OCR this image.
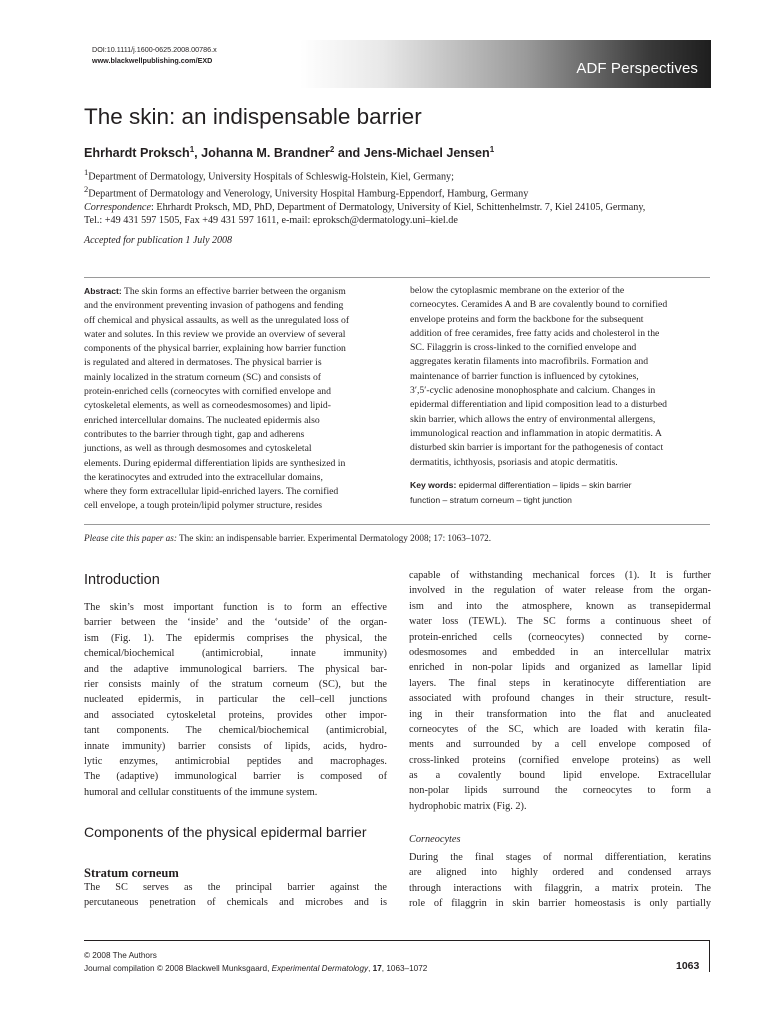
DOI:10.1111/j.1600-0625.2008.00786.x
www.blackwellpublishing.com/EXD	ADF Perspectives
The skin: an indispensable barrier
Ehrhardt Proksch$^1$, Johanna M. Brandner$^2$ and Jens-Michael Jensen$^1$
$^1$Department of Dermatology, University Hospitals of Schleswig-Holstein, Kiel, Germany;
$^2$Department of Dermatology and Venerology, University Hospital Hamburg-Eppendorf, Hamburg, Germany
Correspondence: Ehrhardt Proksch, MD, PhD, Department of Dermatology, University of Kiel, Schittenhelmstr. 7, Kiel 24105, Germany,
Tel.: +49 431 597 1505, Fax +49 431 597 1611, e-mail: eproksch@dermatology.uni–kiel.de
Accepted for publication 1 July 2008
Abstract: The skin forms an effective barrier between the organism
and the environment preventing invasion of pathogens and fending
off chemical and physical assaults, as well as the unregulated loss of
water and solutes. In this review we provide an overview of several
components of the physical barrier, explaining how barrier function
is regulated and altered in dermatoses. The physical barrier is
mainly localized in the stratum corneum (SC) and consists of
protein-enriched cells (corneocytes with cornified envelope and
cytoskeletal elements, as well as corneodesmosomes) and lipid-
enriched intercellular domains. The nucleated epidermis also
contributes to the barrier through tight, gap and adherens
junctions, as well as through desmosomes and cytoskeletal
elements. During epidermal differentiation lipids are synthesized in
the keratinocytes and extruded into the extracellular domains,
where they form extracellular lipid-enriched layers. The cornified
cell envelope, a tough protein/lipid polymer structure, resides
below the cytoplasmic membrane on the exterior of the
corneocytes. Ceramides A and B are covalently bound to cornified
envelope proteins and form the backbone for the subsequent
addition of free ceramides, free fatty acids and cholesterol in the
SC. Filaggrin is cross-linked to the cornified envelope and
aggregates keratin filaments into macrofibrils. Formation and
maintenance of barrier function is influenced by cytokines,
3′,5′-cyclic adenosine monophosphate and calcium. Changes in
epidermal differentiation and lipid composition lead to a disturbed
skin barrier, which allows the entry of environmental allergens,
immunological reaction and inflammation in atopic dermatitis. A
disturbed skin barrier is important for the pathogenesis of contact
dermatitis, ichthyosis, psoriasis and atopic dermatitis.
Key words: epidermal differentiation – lipids – skin barrier
function – stratum corneum – tight junction
Please cite this paper as: The skin: an indispensable barrier. Experimental Dermatology 2008; 17: 1063–1072.
Introduction
The skin’s most important function is to form an effective
barrier between the ‘inside’ and the ‘outside’ of the organ-
ism (Fig. 1). The epidermis comprises the physical, the
chemical/biochemical (antimicrobial, innate immunity)
and the adaptive immunological barriers. The physical bar-
rier consists mainly of the stratum corneum (SC), but the
nucleated epidermis, in particular the cell–cell junctions
and associated cytoskeletal proteins, provides other impor-
tant components. The chemical/biochemical (antimicrobial,
innate immunity) barrier consists of lipids, acids, hydro-
lytic enzymes, antimicrobial peptides and macrophages.
The (adaptive) immunological barrier is composed of
humoral and cellular constituents of the immune system.
Components of the physical epidermal barrier
Stratum corneum
The SC serves as the principal barrier against the
percutaneous penetration of chemicals and microbes and is
capable of withstanding mechanical forces (1). It is further
involved in the regulation of water release from the organ-
ism and into the atmosphere, known as transepidermal
water loss (TEWL). The SC forms a continuous sheet of
protein-enriched cells (corneocytes) connected by corne-
odesmosomes and embedded in an intercellular matrix
enriched in non-polar lipids and organized as lamellar lipid
layers. The final steps in keratinocyte differentiation are
associated with profound changes in their structure, result-
ing in their transformation into the flat and anucleated
corneocytes of the SC, which are loaded with keratin fila-
ments and surrounded by a cell envelope composed of
cross-linked proteins (cornified envelope proteins) as well
as a covalently bound lipid envelope. Extracellular
non-polar lipids surround the corneocytes to form a
hydrophobic matrix (Fig. 2).
Corneocytes
During the final stages of normal differentiation, keratins
are aligned into highly ordered and condensed arrays
through interactions with filaggrin, a matrix protein. The
role of filaggrin in skin barrier homeostasis is only partially
© 2008 The Authors
Journal compilation © 2008 Blackwell Munksgaard, Experimental Dermatology, 17, 1063–1072	1063
